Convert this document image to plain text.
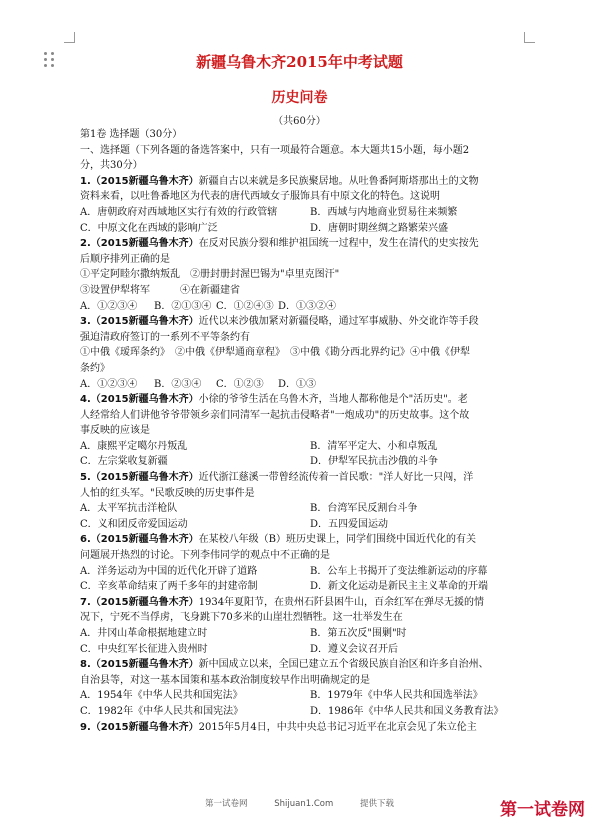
新疆乌鲁木齐2015年中考试题
历史问卷
（共60分）
第1卷 选择题（30分）
一、选择题（下列各题的备选答案中，只有一项最符合题意。本大题共15小题，每小题2
分，共30分）
1.（2015新疆乌鲁木齐）新疆自古以来就是多民族聚居地。从吐鲁番阿斯塔那出土的文物
资料来看，以吐鲁番地区为代表的唐代西域女子服饰具有中原文化的特色。这说明
A．唐朝政府对西域地区实行有效的行政管辖	B．西域与内地商业贸易往来频繁
C．中原文化在西域的影响广泛	D．唐朝时期丝绸之路繁荣兴盛
2.（2015新疆乌鲁木齐）在反对民族分裂和维护祖国统一过程中，发生在清代的史实按先
后顺序排列正确的是
①平定阿睦尔撒纳叛乱　②册封册封渥巴锡为"卓里克图汗"
③设置伊犁将军　　　④在新疆建省
A．①②③④	B．②①③④ C．①②④③ D．①③②④
3.（2015新疆乌鲁木齐）近代以来沙俄加紧对新疆侵略，通过军事威胁、外交讹诈等手段
强迫清政府签订的一系列不平等条约有
①中俄《瑷珲条约》　②中俄《伊犁通商章程》　③中俄《勘分西北界约记》④中俄《伊犁
条约》
A．①②③④	B．②③④	C．①②③	D．①③
4.（2015新疆乌鲁木齐）小徐的爷爷生活在乌鲁木齐，当地人都称他是个"活历史"。老
人经常给人们讲他爷爷带领乡亲们同清军一起抗击侵略者"一炮成功"的历史故事。这个故
事反映的应该是
A．康熙平定噶尔丹叛乱	B．清军平定大、小和卓叛乱
C．左宗棠收复新疆	D．伊犁军民抗击沙俄的斗争
5.（2015新疆乌鲁木齐）近代浙江慈溪一带曾经流传着一首民歌："洋人好比一只闯，洋
人怕的红头军。"民歌反映的历史事件是
A．太平军抗击洋枪队	B．台湾军民反割台斗争
C．义和团反帝爱国运动	D．五四爱国运动
6.（2015新疆乌鲁木齐）在某校八年级（B）班历史课上，同学们围绕中国近代化的有关
问题展开热烈的讨论。下列李伟同学的观点中不正确的是
A．洋务运动为中国的近代化开辟了道路	B．公车上书揭开了变法维新运动的序幕
C．辛亥革命结束了两千多年的封建帝制	D．新文化运动是新民主主义革命的开端
7.（2015新疆乌鲁木齐）1934年夏阳节，在贵州石阡县困牛山，百余红军在弹尽无援的情
况下，宁死不当俘虏，飞身跳下70多米的山崖壮烈牺牲。这一壮举发生在
A．井冈山革命根据地建立时	B．第五次反"围剿"时
C．中央红军长征进入贵州时	D．遵义会议召开后
8.（2015新疆乌鲁木齐）新中国成立以来，全国已建立五个省级民族自治区和许多自治州、
自治县等，对这一基本国策和基本政治制度较早作出明确规定的是
A．1954年《中华人民共和国宪法》	B．1979年《中华人民共和国选举法》
C．1982年《中华人民共和国宪法》	D．1986年《中华人民共和国义务教育法》
9.（2015新疆乌鲁木齐）2015年5月4日，中共中央总书记习近平在北京会见了朱立伦主
第一试卷网	Shijuan1.Com	提供下载	第一试卷网
